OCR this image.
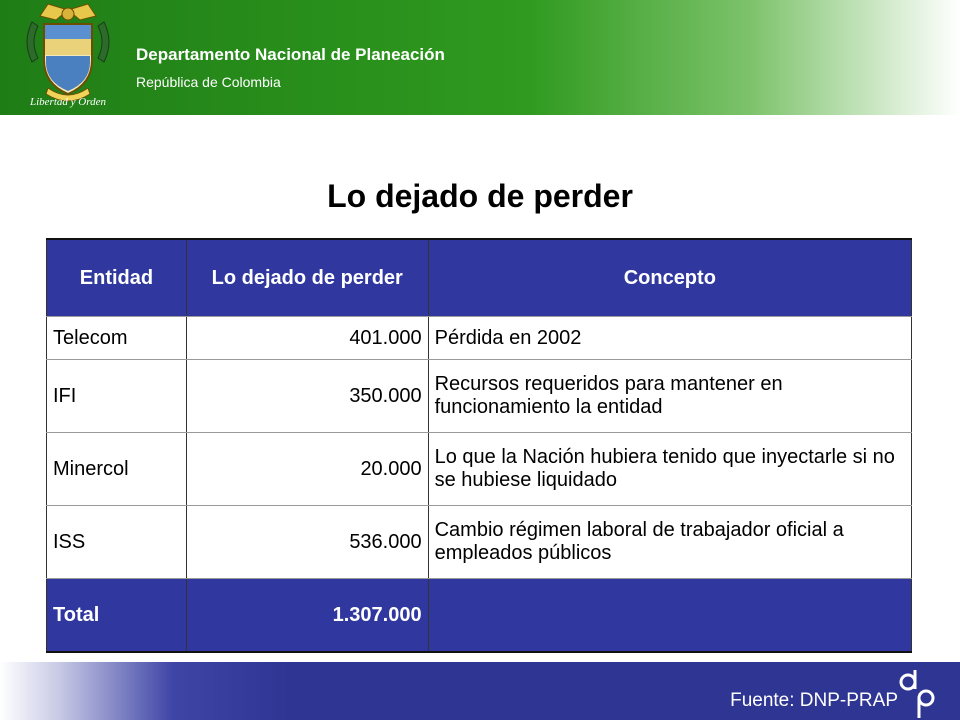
Libertad y Orden
Departamento Nacional de Planeación
República de Colombia
Lo dejado de perder
Entidad	Lo dejado de perder	Concepto
Telecom	401.000	Pérdida en 2002
IFI	350.000	Recursos requeridos para mantener en funcionamiento la entidad
Minercol	20.000	Lo que la Nación hubiera tenido que inyectarle si no se hubiese liquidado
ISS	536.000	Cambio régimen laboral de trabajador oficial a empleados públicos
Total	1.307.000	
Fuente: DNP-PRAP
